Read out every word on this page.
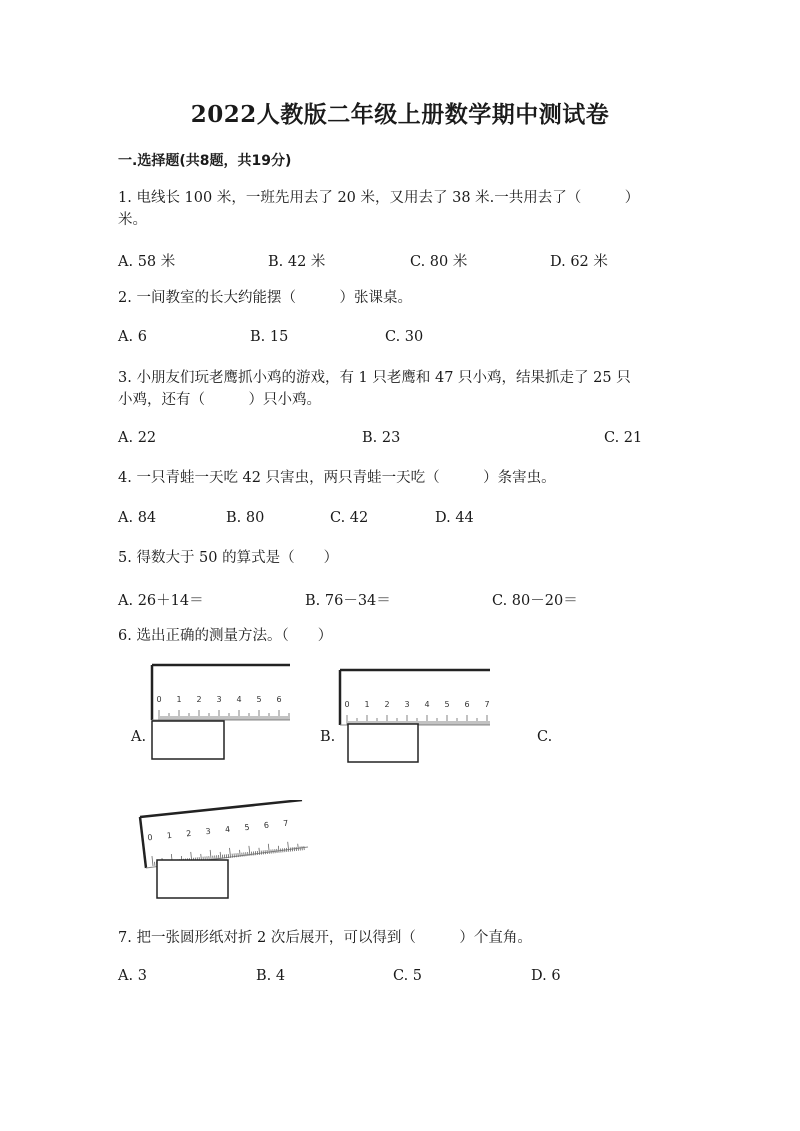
2022人教版二年级上册数学期中测试卷
一.选择题(共8题，共19分)
1. 电线长 100 米，一班先用去了 20 米，又用去了 38 米.一共用去了（　　　）
米。
A. 58 米	B. 42 米	C. 80 米	D. 62 米
2. 一间教室的长大约能摆（　　　）张课桌。
A. 6	B. 15	C. 30
3. 小朋友们玩老鹰抓小鸡的游戏，有 1 只老鹰和 47 只小鸡，结果抓走了 25 只
小鸡，还有（　　　）只小鸡。
A. 22	B. 23	C. 21
4. 一只青蛙一天吃 42 只害虫，两只青蛙一天吃（　　　）条害虫。
A. 84	B. 80	C. 42	D. 44
5. 得数大于 50 的算式是（　　）
A. 26＋14＝	B. 76－34＝	C. 80－20＝
6. 选出正确的测量方法。（　　）
A.	B.	C.
0 1 2 3 4 5 6
0 1 2 3 4 5 6 7
0 1 2 3 4 5 6 7
7. 把一张圆形纸对折 2 次后展开，可以得到（　　　）个直角。
A. 3	B. 4	C. 5	D. 6
